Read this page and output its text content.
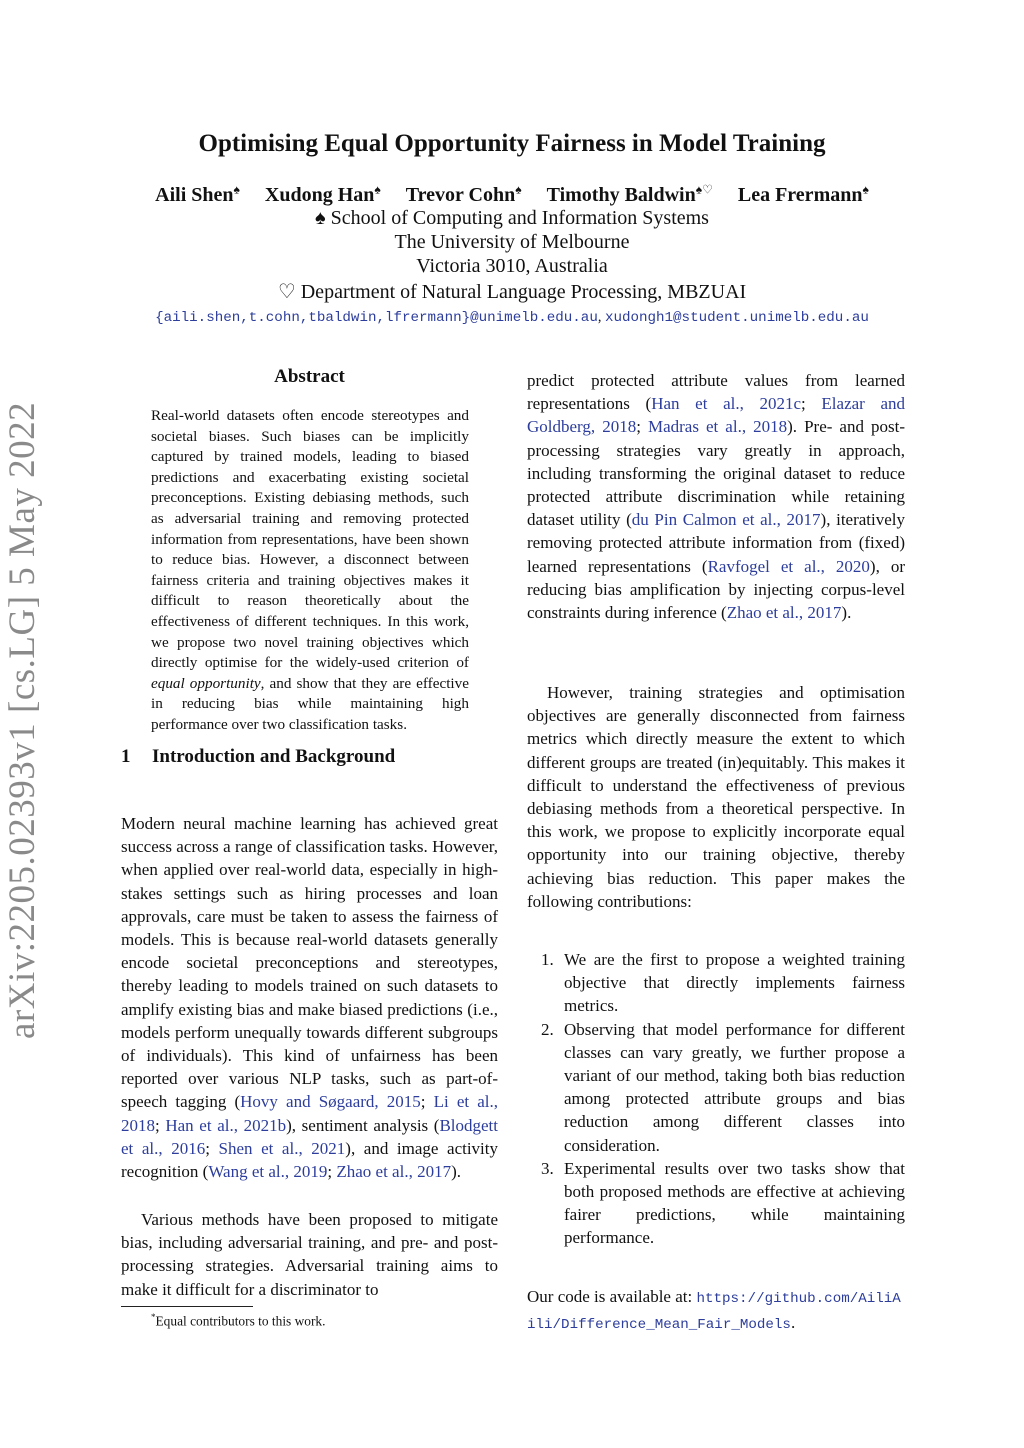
arXiv:2205.02393v1 [cs.LG] 5 May 2022
Optimising Equal Opportunity Fairness in Model Training
Aili Shen♠ Xudong Han♠ Trevor Cohn♠ Timothy Baldwin♠♡ Lea Frermann♠
♠ School of Computing and Information Systems
The University of Melbourne
Victoria 3010, Australia
♡ Department of Natural Language Processing, MBZUAI
{aili.shen,t.cohn,tbaldwin,lfrermann}@unimelb.edu.au, xudongh1@student.unimelb.edu.au
Abstract
Real-world datasets often encode stereotypes and societal biases. Such biases can be implicitly captured by trained models, leading to biased predictions and exacerbating existing societal preconceptions. Existing debiasing methods, such as adversarial training and removing protected information from representations, have been shown to reduce bias. However, a disconnect between fairness criteria and training objectives makes it difficult to reason theoretically about the effectiveness of different techniques. In this work, we propose two novel training objectives which directly optimise for the widely-used criterion of equal opportunity, and show that they are effective in reducing bias while maintaining high performance over two classification tasks.
1 Introduction and Background

Modern neural machine learning has achieved great success across a range of classification tasks. However, when applied over real-world data, especially in high-stakes settings such as hiring processes and loan approvals, care must be taken to assess the fairness of models. This is because real-world datasets generally encode societal preconceptions and stereotypes, thereby leading to models trained on such datasets to amplify existing bias and make biased predictions (i.e., models perform unequally towards different subgroups of individuals). This kind of unfairness has been reported over various NLP tasks, such as part-of-speech tagging (Hovy and Søgaard, 2015; Li et al., 2018; Han et al., 2021b), sentiment analysis (Blodgett et al., 2016; Shen et al., 2021), and image activity recognition (Wang et al., 2019; Zhao et al., 2017).

Various methods have been proposed to mitigate bias, including adversarial training, and pre- and post-processing strategies. Adversarial training aims to make it difficult for a discriminator to

*Equal contributors to this work.

predict protected attribute values from learned representations (Han et al., 2021c; Elazar and Goldberg, 2018; Madras et al., 2018). Pre- and post-processing strategies vary greatly in approach, including transforming the original dataset to reduce protected attribute discrimination while retaining dataset utility (du Pin Calmon et al., 2017), iteratively removing protected attribute information from (fixed) learned representations (Ravfogel et al., 2020), or reducing bias amplification by injecting corpus-level constraints during inference (Zhao et al., 2017).

However, training strategies and optimisation objectives are generally disconnected from fairness metrics which directly measure the extent to which different groups are treated (in)equitably. This makes it difficult to understand the effectiveness of previous debiasing methods from a theoretical perspective. In this work, we propose to explicitly incorporate equal opportunity into our training objective, thereby achieving bias reduction. This paper makes the following contributions:

1. We are the first to propose a weighted training objective that directly implements fairness metrics.
2. Observing that model performance for different classes can vary greatly, we further propose a variant of our method, taking both bias reduction among protected attribute groups and bias reduction among different classes into consideration.
3. Experimental results over two tasks show that both proposed methods are effective at achieving fairer predictions, while maintaining performance.

Our code is available at: https://github.com/AiliAili/Difference_Mean_Fair_Models.
